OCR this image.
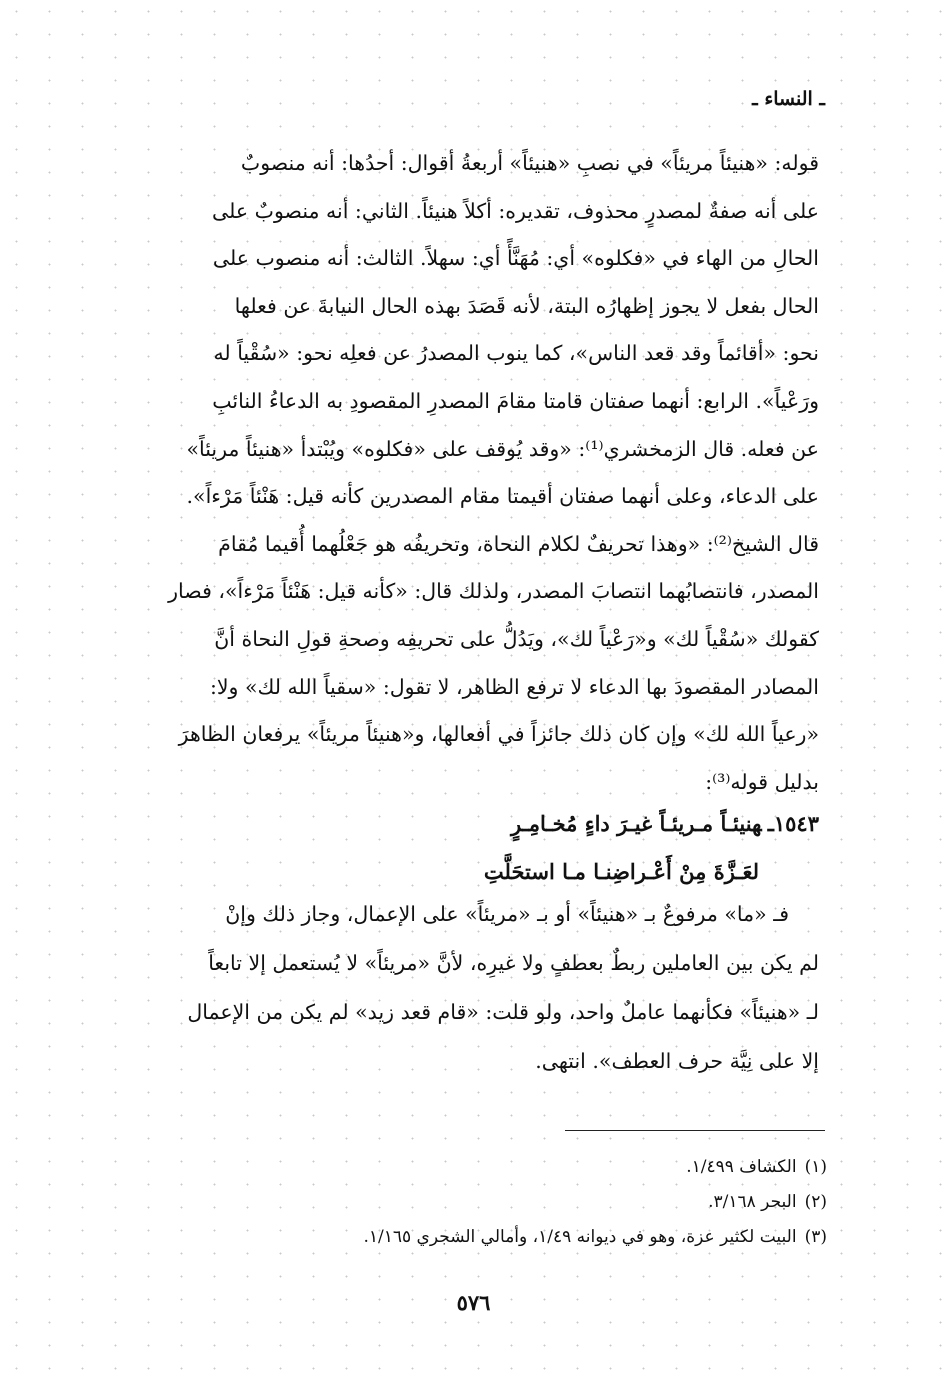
ـ النساء ـ

قوله: «هنيئاً مريئاً» في نصبِ «هنيئاً» أربعةُ أقوال: أحدُها: أنه منصوبٌ

على أنه صفةٌ لمصدرٍ محذوف، تقديره: أكلاً هنيئاً. الثاني: أنه منصوبٌ على

الحالِ من الهاء في «فكلوه» أي: مُهَنَّأً أي: سهلاً. الثالث: أنه منصوب على

الحال بفعل لا يجوز إظهارُه البتة، لأنه قَصَدَ بهذه الحال النيابةَ عن فعلها

نحو: «أقائماً وقد قعد الناس»، كما ينوب المصدرُ عن فعلِه نحو: «سُقْياً له

ورَعْياً». الرابع: أنهما صفتان قامتا مقامَ المصدرِ المقصودِ به الدعاءُ النائبِ

عن فعله. قال الزمخشري⁽¹⁾: «وقد يُوقف على «فكلوه» ويُبْتدأ «هنيئاً مريئاً»

على الدعاء، وعلى أنهما صفتان أقيمتا مقام المصدرين كأنه قيل: هَنْئاً مَرْءاً».

قال الشيخ⁽²⁾: «وهذا تحريفٌ لكلام النحاة، وتحريفُه هو جَعْلُهما أُقيما مُقامَ

المصدر، فانتصابُهما انتصابَ المصدر، ولذلك قال: «كأنه قيل: هَنْئاً مَرْءاً»، فصار

كقولك «سُقْياً لك» و«رَعْياً لك»، ويَدُلُّ على تحريفِه وصحةِ قولِ النحاة أنَّ

المصادر المقصودَ بها الدعاء لا ترفع الظاهر، لا تقول: «سقياً الله لك» ولا:

«رعياً الله لك» وإن كان ذلك جائزاً في أفعالها، و«هنيئاً مريئاً» يرفعان الظاهرَ

بدليل قوله⁽³⁾:

١٥٤٣ـهنيئـاً مـريئـاً غيـرَ داءٍ مُخـامِـرٍ
لعَـزَّةَ مِنْ أَعْـراضِنـا مـا استحَلَّتِ

فـ «ما» مرفوعٌ بـ «هنيئاً» أو بـ «مريئاً» على الإعمال، وجاز ذلك وإنْ

لم يكن بين العاملين ربطٌ بعطفٍ ولا غيرِه، لأنَّ «مريئاً» لا يُستعمل إلا تابعاً

لـ «هنيئاً» فكأنهما عاملٌ واحد، ولو قلت: «قام قعد زيد» لم يكن من الإعمال

إلا على نِيَّة حرف العطف». انتهى.

(١)الكشاف ١/٤٩٩.
(٢)البحر ٣/١٦٨.
(٣)البيت لكثير عزة، وهو في ديوانه ١/٤٩، وأمالي الشجري ١/١٦٥.
٥٧٦
